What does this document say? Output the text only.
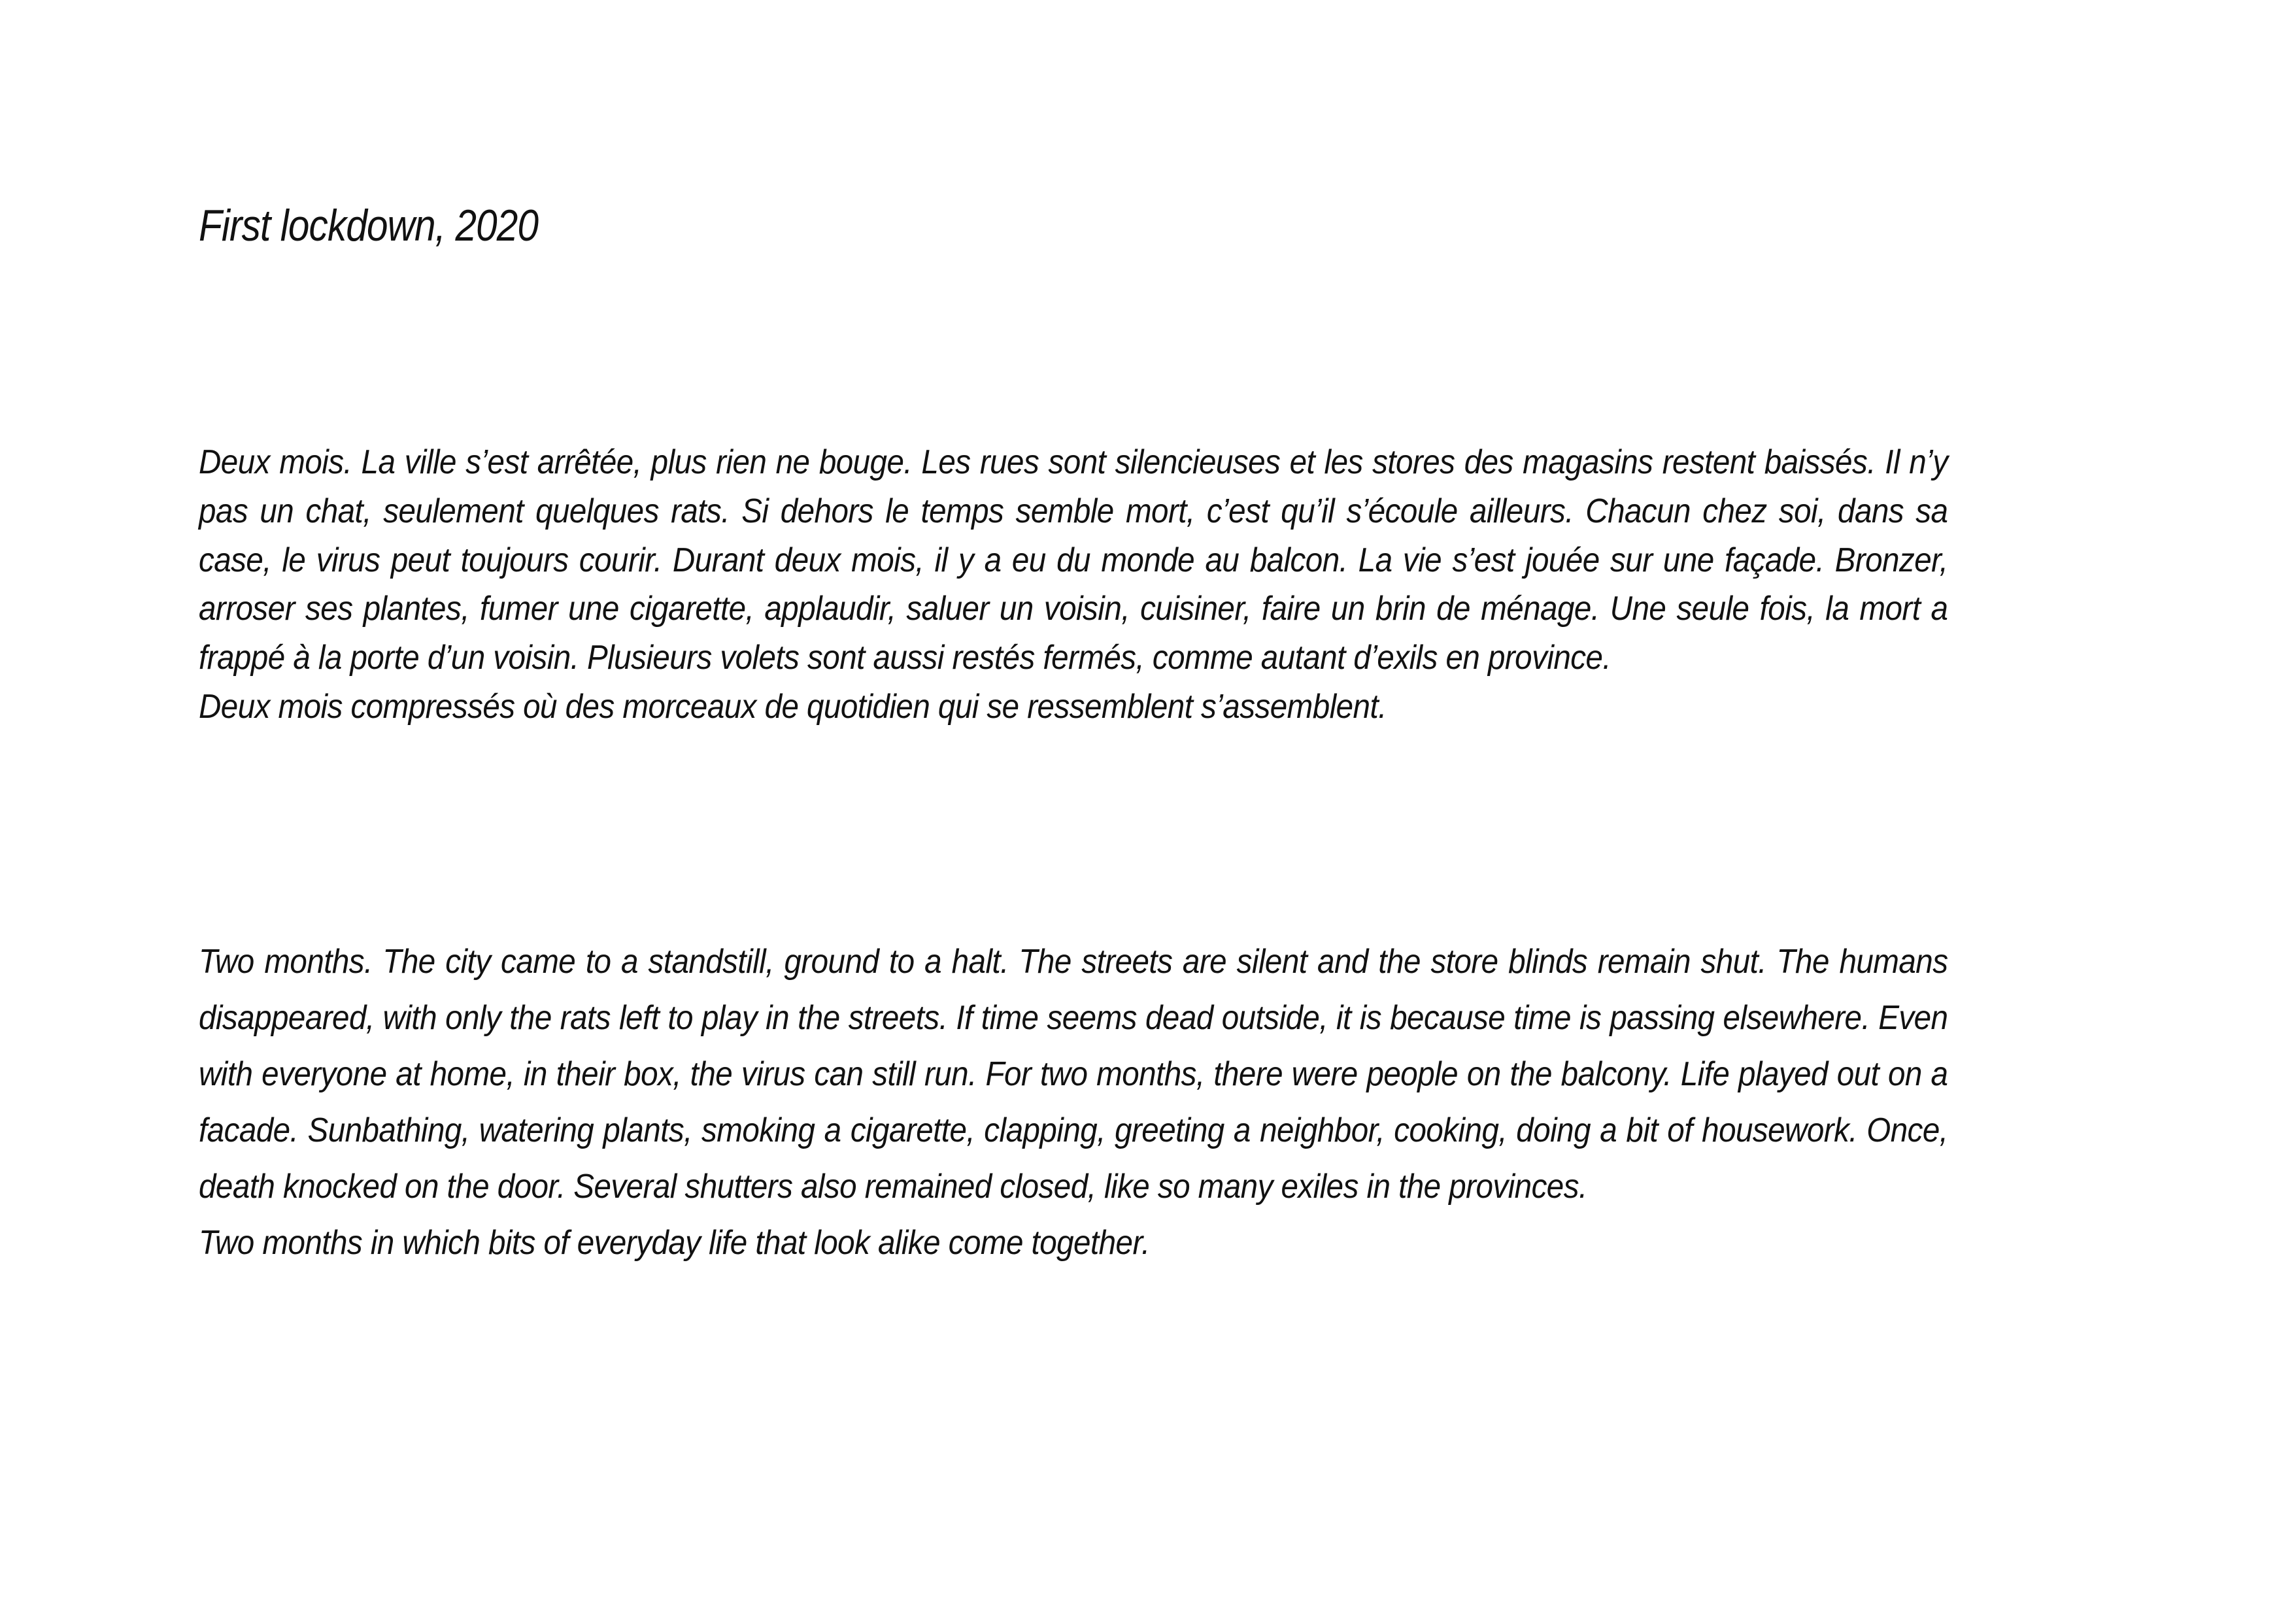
First lockdown, 2020

Deux mois. La ville s’est arrêtée, plus rien ne bouge. Les rues sont silencieuses et les stores des magasins restent baissés. Il n’y pas un chat, seulement quelques rats. Si dehors le temps semble mort, c’est qu’il s’écoule ailleurs. Chacun chez soi, dans sa case, le virus peut toujours courir. Durant deux mois, il y a eu du monde au balcon. La vie s’est jouée sur une façade. Bronzer, arroser ses plantes, fumer une cigarette, applaudir, saluer un voisin, cuisiner, faire un brin de ménage. Une seule fois, la mort a frappé à la porte d’un voisin. Plusieurs volets sont aussi restés fermés, comme autant d’exils en province.

Deux mois compressés où des morceaux de quotidien qui se ressemblent s’assemblent.

Two months. The city came to a standstill, ground to a halt. The streets are silent and the store blinds remain shut. The humans disappeared, with only the rats left to play in the streets. If time seems dead outside, it is because time is passing elsewhere. Even with everyone at home, in their box, the virus can still run. For two months, there were people on the balcony. Life played out on a facade. Sunbathing, watering plants, smoking a cigarette, clapping, greeting a neighbor, cooking, doing a bit of housework. Once, death knocked on the door. Several shutters also remained closed, like so many exiles in the provinces.

Two months in which bits of everyday life that look alike come together.
